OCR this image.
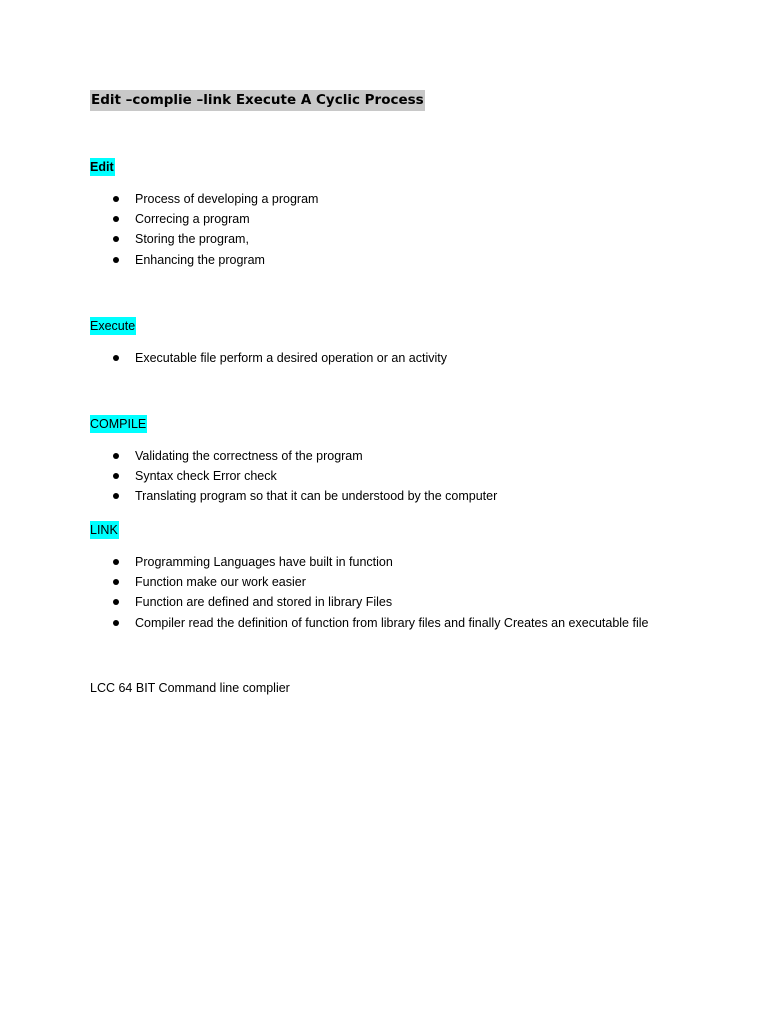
Edit –complie –link Execute A Cyclic Process
Edit
Process of developing a program
Correcing a program
Storing the program,
Enhancing the program
Execute
Executable file perform a desired operation or an activity
COMPILE
Validating the correctness of the program
Syntax check Error check
Translating program so that it can be understood by the computer
LINK
Programming Languages have built in function
Function make our work easier
Function are defined and stored in library Files
Compiler read the definition of function from library files and finally Creates an executable file
LCC 64 BIT Command line complier
